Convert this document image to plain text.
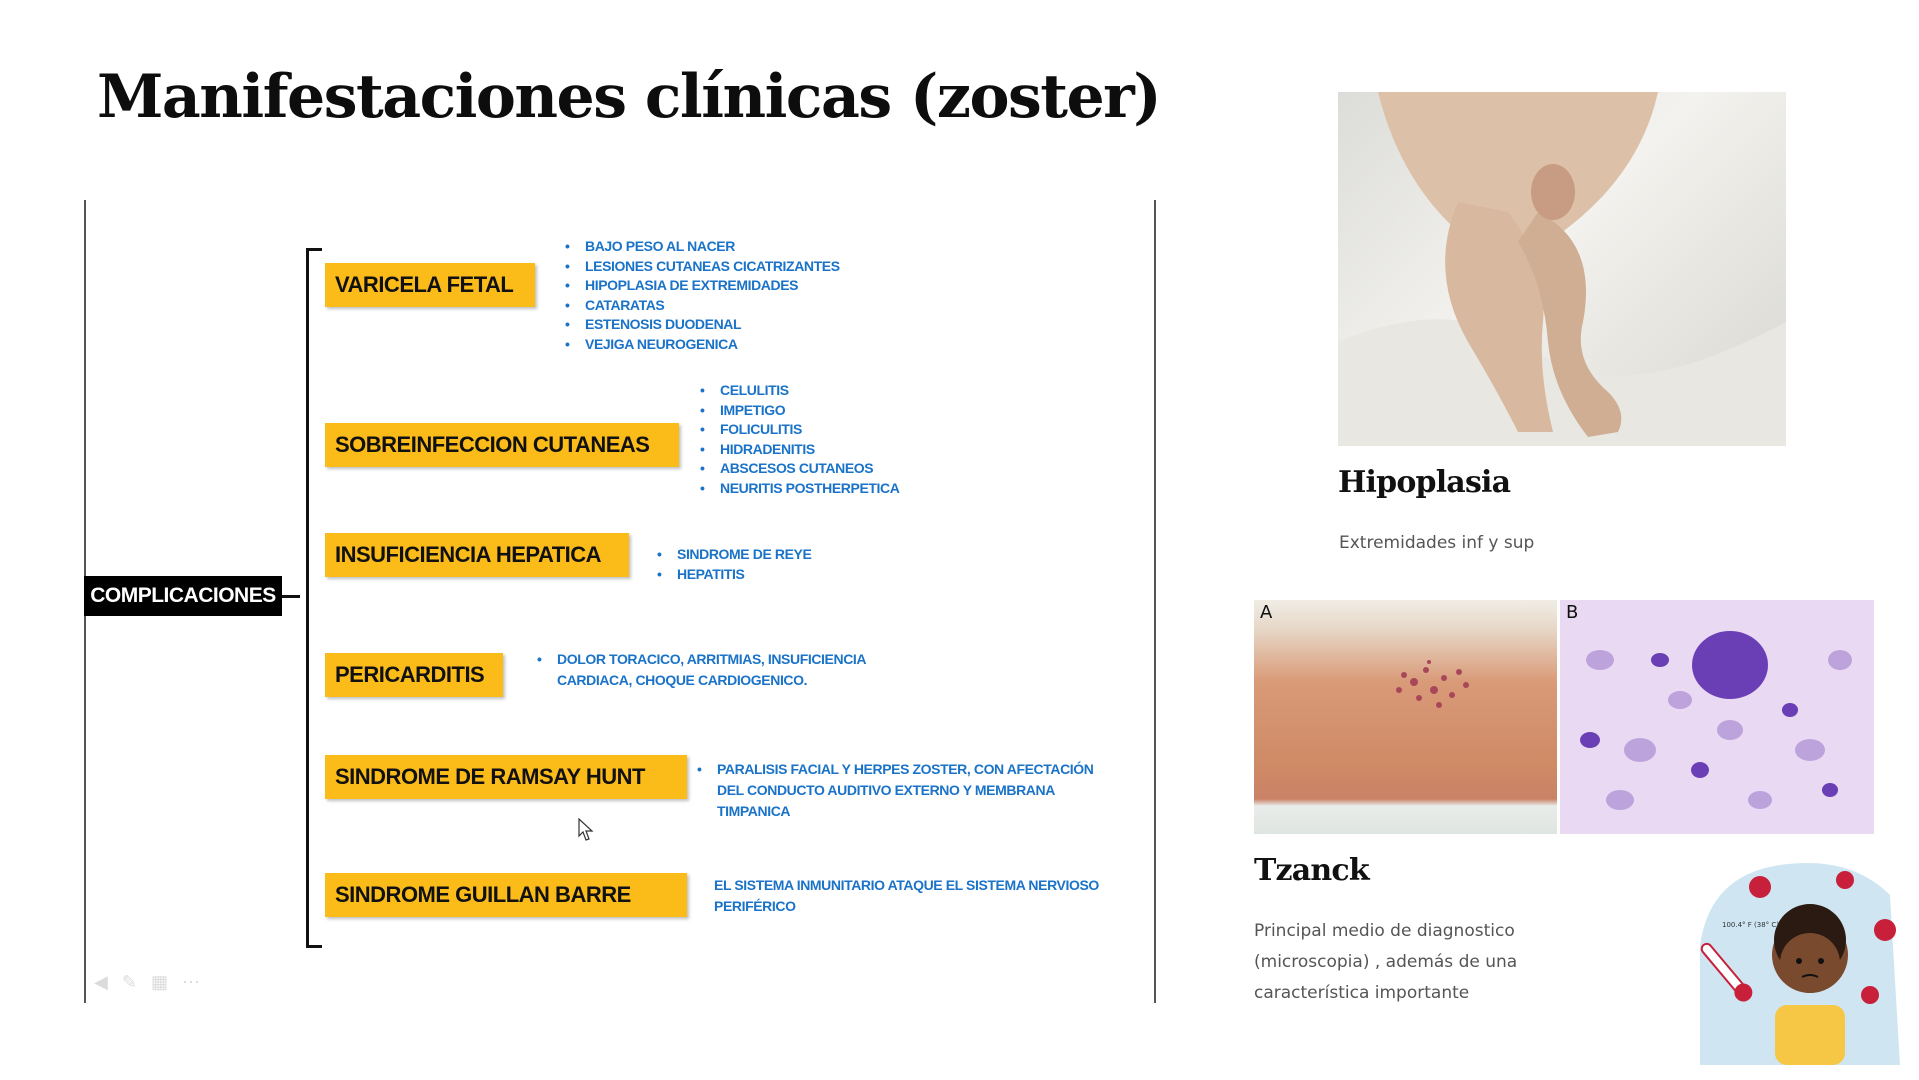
Manifestaciones clínicas (zoster)
COMPLICACIONES
VARICELA FETAL
• BAJO PESO AL NACER
• LESIONES CUTANEAS CICATRIZANTES
• HIPOPLASIA DE EXTREMIDADES
• CATARATAS
• ESTENOSIS DUODENAL
• VEJIGA NEUROGENICA
SOBREINFECCION CUTANEAS
• CELULITIS
• IMPETIGO
• FOLICULITIS
• HIDRADENITIS
• ABSCESOS CUTANEOS
• NEURITIS POSTHERPETICA
INSUFICIENCIA HEPATICA	• SINDROME DE REYE
• HEPATITIS
PERICARDITIS
• DOLOR TORACICO, ARRITMIAS, INSUFICIENCIA CARDIACA, CHOQUE CARDIOGENICO.
SINDROME DE RAMSAY HUNT	• PARALISIS FACIAL Y HERPES ZOSTER, CON AFECTACIÓN DEL CONDUCTO AUDITIVO EXTERNO Y MEMBRANA TIMPANICA
SINDROME GUILLAN BARRE	EL SISTEMA INMUNITARIO ATAQUE EL SISTEMA NERVIOSO PERIFÉRICO
◀ ✎ ▦ ⋯
Hipoplasia

Extremidades inf y sup

A	B
Tzanck

Principal medio de diagnostico (microscopia) , además de una característica importante

100.4° F (38° C)
